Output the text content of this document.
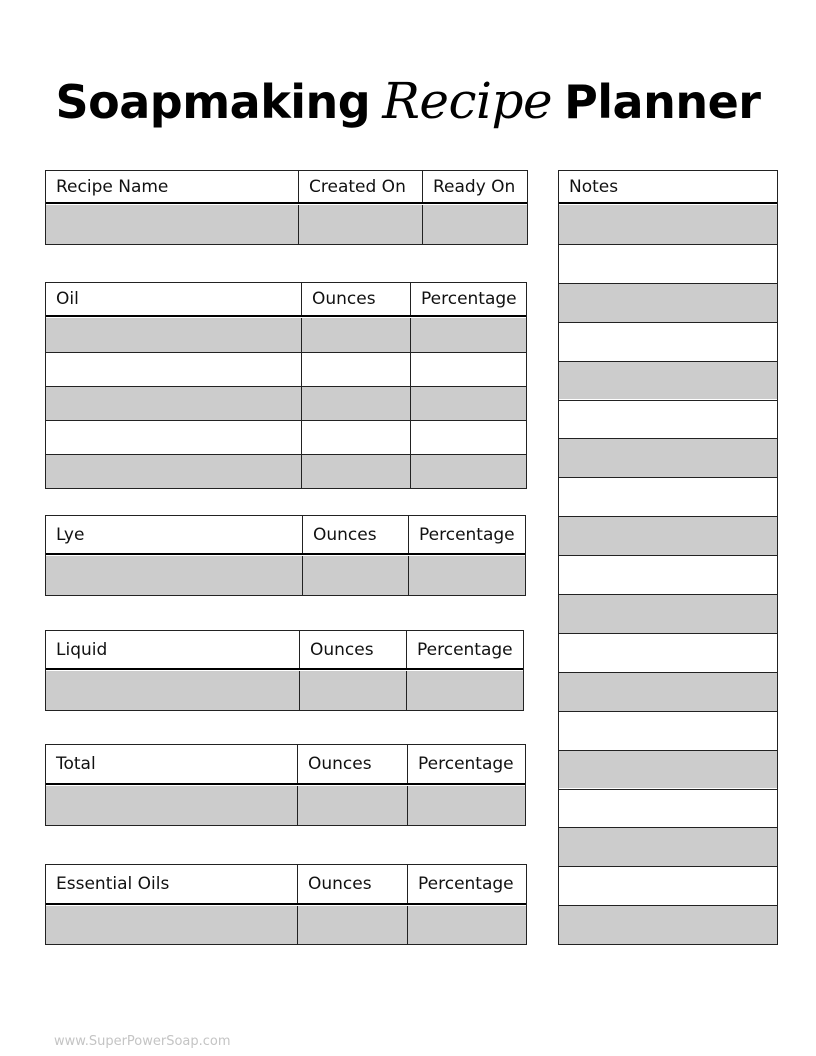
Soapmaking Recipe Planner
Recipe Name	Created On	Ready On
Oil	Ounces	Percentage
Lye	Ounces	Percentage
Liquid	Ounces	Percentage
Total	Ounces	Percentage
Essential Oils	Ounces	Percentage
Notes
www.SuperPowerSoap.com
